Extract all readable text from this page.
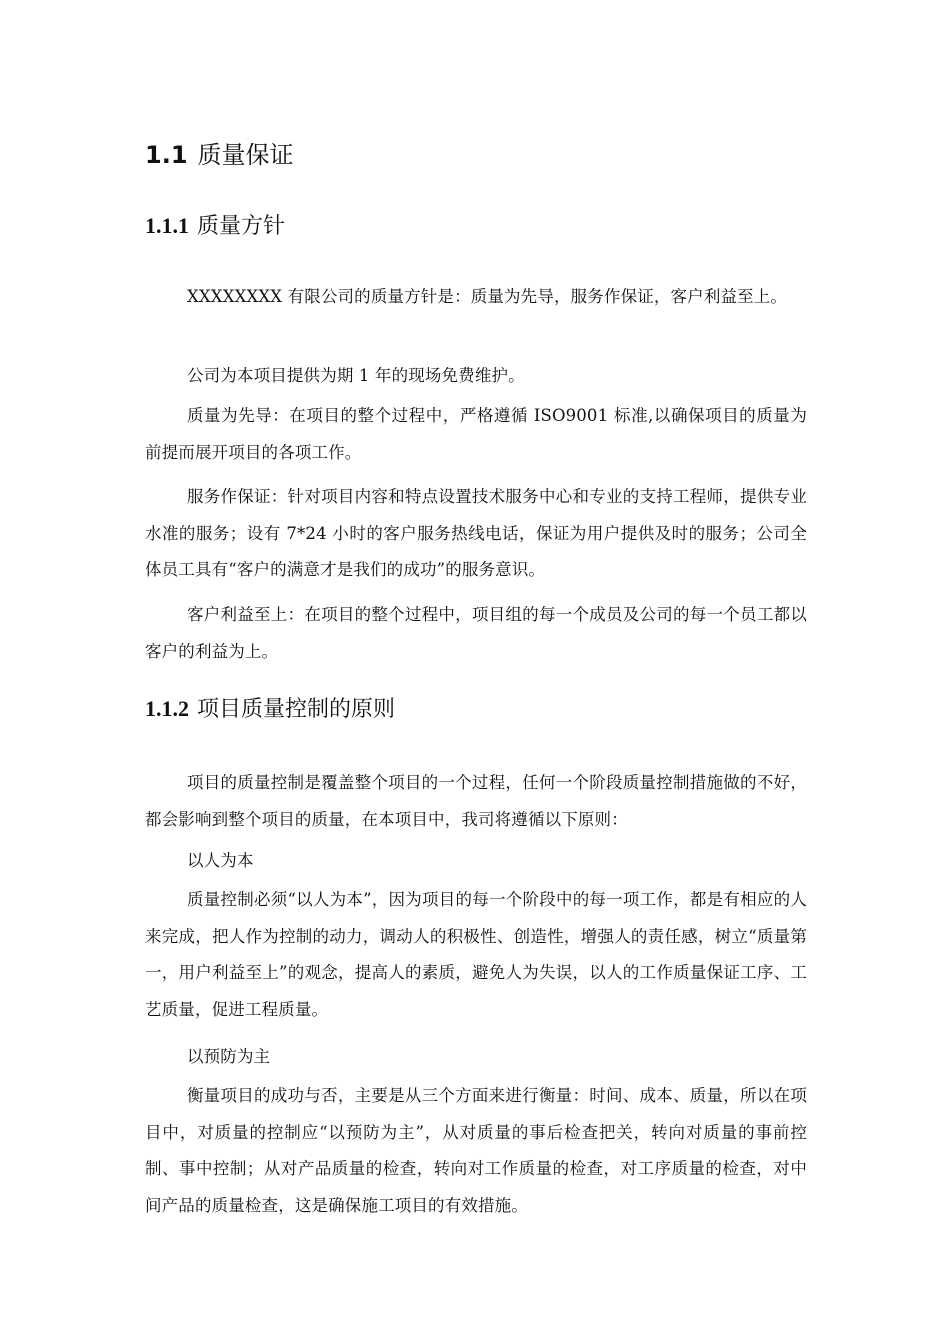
1.1 质量保证
1.1.1 质量方针

XXXXXXXX 有限公司的质量方针是：质量为先导，服务作保证，客户利益至上。

公司为本项目提供为期 1 年的现场免费维护。

质量为先导：在项目的整个过程中，严格遵循 ISO9001 标准,以确保项目的质量为前提而展开项目的各项工作。

服务作保证：针对项目内容和特点设置技术服务中心和专业的支持工程师，提供专业水准的服务；设有 7*24 小时的客户服务热线电话，保证为用户提供及时的服务；公司全体员工具有“客户的满意才是我们的成功”的服务意识。

客户利益至上：在项目的整个过程中，项目组的每一个成员及公司的每一个员工都以客户的利益为上。

1.1.2 项目质量控制的原则

项目的质量控制是覆盖整个项目的一个过程，任何一个阶段质量控制措施做的不好，都会影响到整个项目的质量，在本项目中，我司将遵循以下原则：

以人为本

质量控制必须“以人为本”，因为项目的每一个阶段中的每一项工作，都是有相应的人来完成，把人作为控制的动力，调动人的积极性、创造性，增强人的责任感，树立“质量第一，用户利益至上”的观念，提高人的素质，避免人为失误，以人的工作质量保证工序、工艺质量，促进工程质量。

以预防为主

衡量项目的成功与否，主要是从三个方面来进行衡量：时间、成本、质量，所以在项目中，对质量的控制应“以预防为主”，从对质量的事后检查把关，转向对质量的事前控制、事中控制；从对产品质量的检查，转向对工作质量的检查，对工序质量的检查，对中间产品的质量检查，这是确保施工项目的有效措施。
